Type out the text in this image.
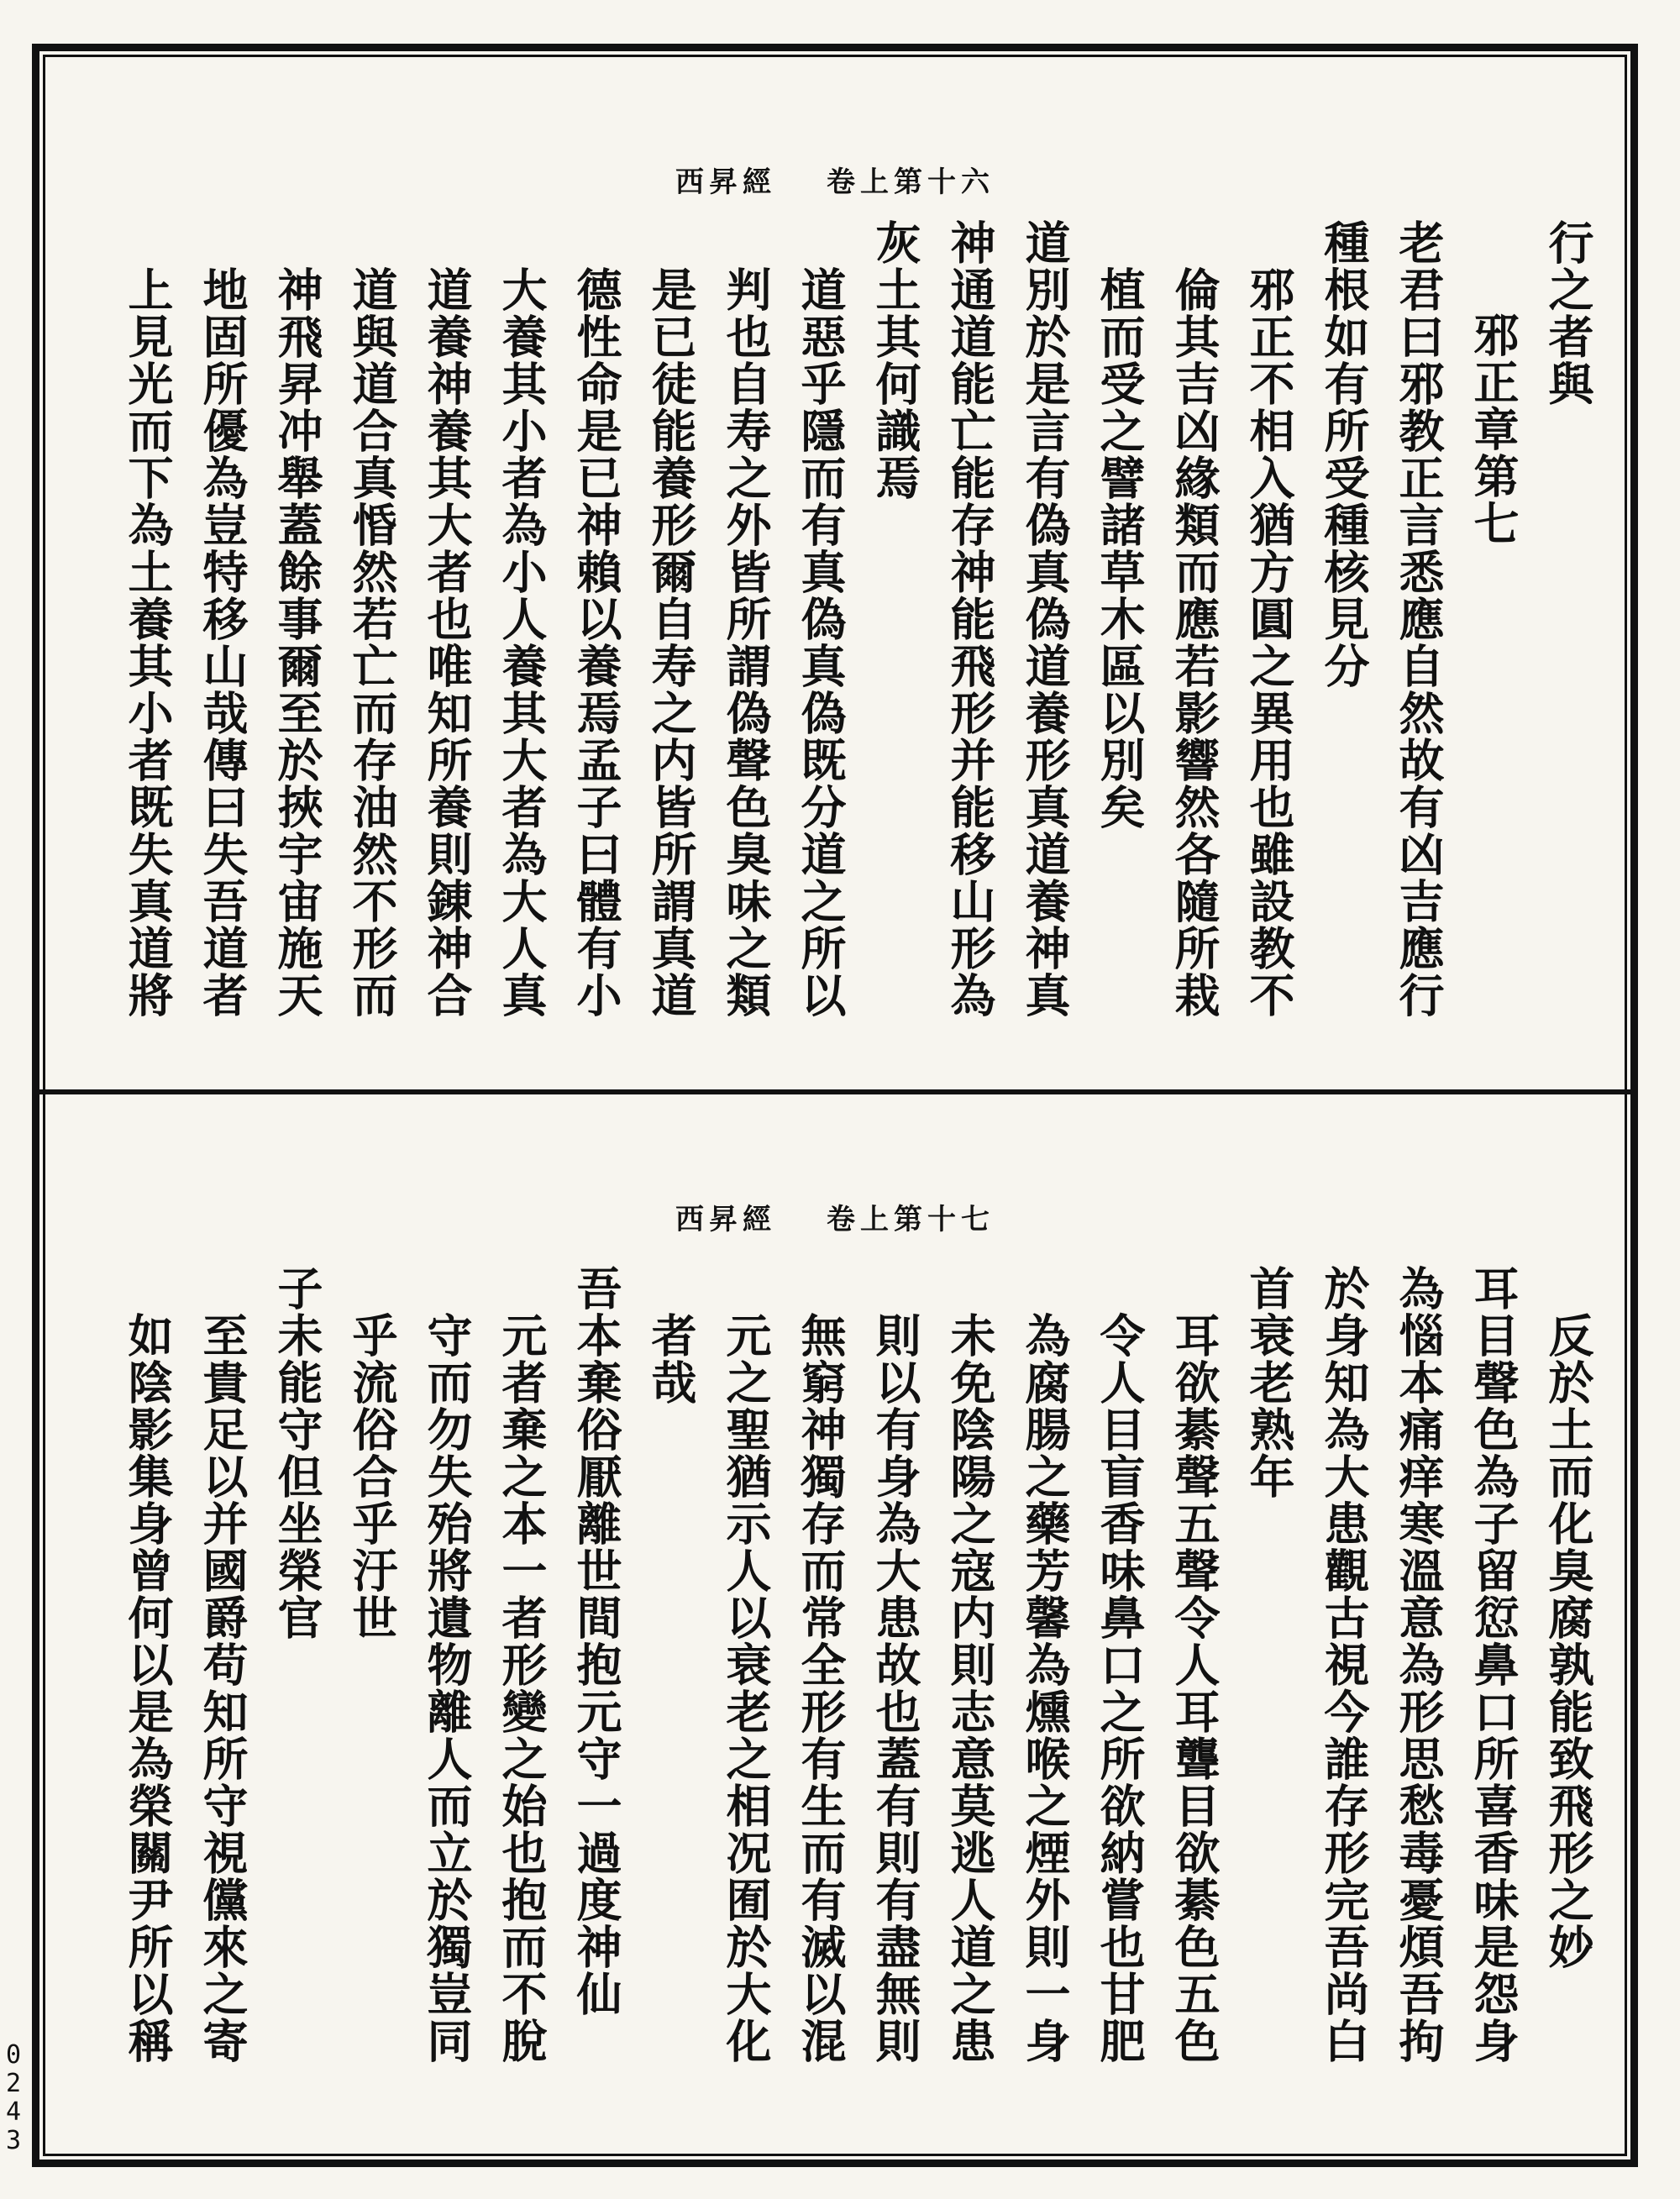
西昇經 卷上第十六
行之者與
邪正章第七
老君曰邪教正言悉應自然故有凶吉應行
種根如有所受種核見分
邪正不相入猶方圓之異用也雖設教不
倫其吉凶緣類而應若影響然各隨所栽
植而受之譬諸草木區以別矣
道別於是言有偽真偽道養形真道養神真
神通道能亡能存神能飛形并能移山形為
灰土其何識焉
道惡乎隱而有真偽真偽既分道之所以
判也自寿之外皆所謂偽聲色臭味之類
是已徒能養形爾自寿之内皆所謂真道
德性命是已神賴以養焉孟子曰體有小
大養其小者為小人養其大者為大人真
道養神養其大者也唯知所養則錬神合
道與道合真惛然若亡而存油然不形而
神飛昇冲舉蓋餘事爾至於挾宇宙施天
地固所優為豈特移山哉傳曰失吾道者
上見光而下為土養其小者既失真道將
西昇經 卷上第十七
反於土而化臭腐孰能致飛形之妙
耳目聲色為子留愆鼻口所喜香味是怨身
為惱本痛痒寒溫意為形思愁毒憂煩吾拘
於身知為大患觀古視今誰存形完吾尚白
首衰老熟年
耳欲綦聲五聲令人耳聾目欲綦色五色
令人目盲香味鼻口之所欲納嘗也甘肥
為腐腸之藥芳馨為燻喉之煙外則一身
未免陰陽之寇内則志意莫逃人道之患
則以有身為大患故也蓋有則有盡無則
無窮神獨存而常全形有生而有滅以混
元之聖猶示人以衰老之相况囿於大化
者哉
吾本棄俗厭離世間抱元守一過度神仙
元者棄之本一者形變之始也抱而不脫
守而勿失殆將遺物離人而立於獨豈同
乎流俗合乎汙世
子未能守但坐榮官
至貴足以并國爵苟知所守視儻來之寄
如陰影集身曾何以是為榮關尹所以稱
0
2
4
3
